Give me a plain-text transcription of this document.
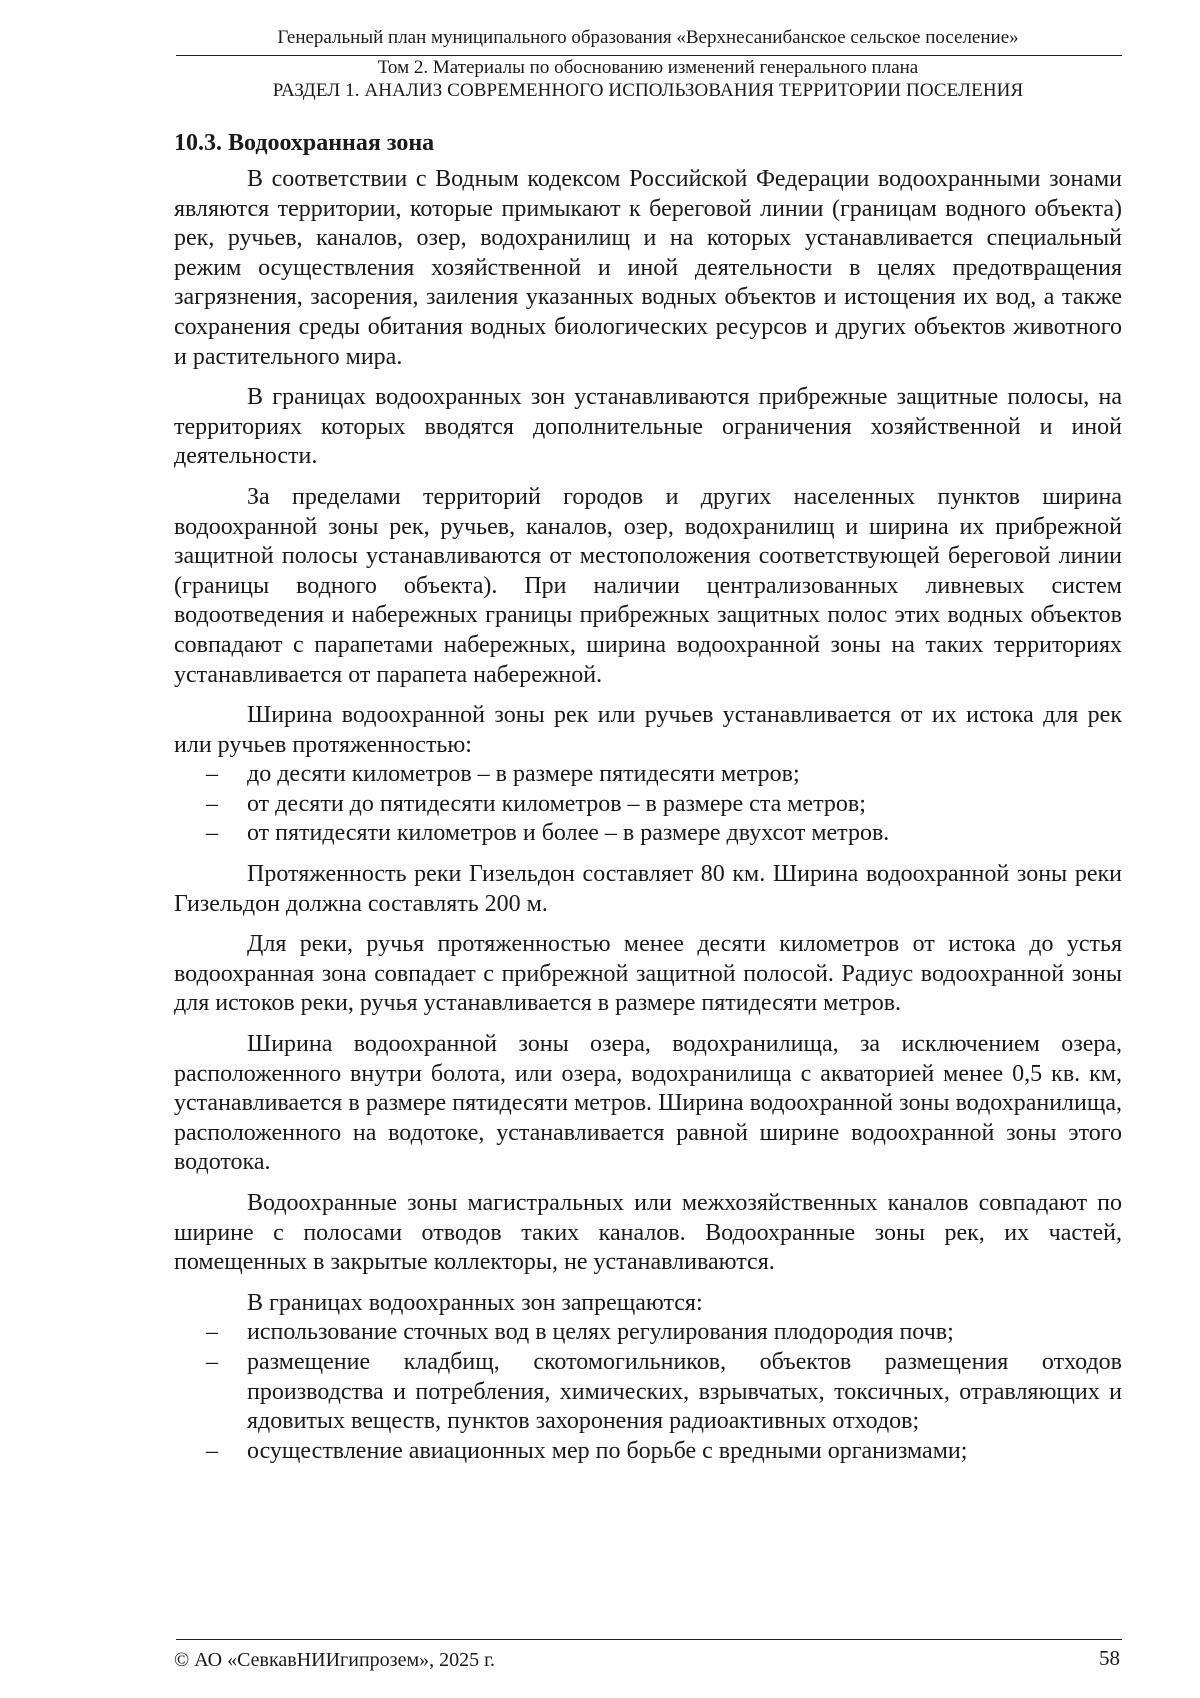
Генеральный план муниципального образования «Верхнесанибанское сельское поселение»
Том 2. Материалы по обоснованию изменений генерального плана
РАЗДЕЛ 1. АНАЛИЗ СОВРЕМЕННОГО ИСПОЛЬЗОВАНИЯ ТЕРРИТОРИИ ПОСЕЛЕНИЯ
10.3. Водоохранная зона

В соответствии с Водным кодексом Российской Федерации водоохранными зонами являются территории, которые примыкают к береговой линии (границам водного объекта) рек, ручьев, каналов, озер, водохранилищ и на которых устанавливается специальный режим осуществления хозяйственной и иной деятельности в целях предотвращения загрязнения, засорения, заиления указанных водных объектов и истощения их вод, а также сохранения среды обитания водных биологических ресурсов и других объектов животного и растительного мира.

В границах водоохранных зон устанавливаются прибрежные защитные полосы, на территориях которых вводятся дополнительные ограничения хозяйственной и иной деятельности.

За пределами территорий городов и других населенных пунктов ширина водоохранной зоны рек, ручьев, каналов, озер, водохранилищ и ширина их прибрежной защитной полосы устанавливаются от местоположения соответствующей береговой линии (границы водного объекта). При наличии централизованных ливневых систем водоотведения и набережных границы прибрежных защитных полос этих водных объектов совпадают с парапетами набережных, ширина водоохранной зоны на таких территориях устанавливается от парапета набережной.

Ширина водоохранной зоны рек или ручьев устанавливается от их истока для рек или ручьев протяженностью:

– до десяти километров – в размере пятидесяти метров;
– от десяти до пятидесяти километров – в размере ста метров;
– от пятидесяти километров и более – в размере двухсот метров.

Протяженность реки Гизельдон составляет 80 км. Ширина водоохранной зоны реки Гизельдон должна составлять 200 м.

Для реки, ручья протяженностью менее десяти километров от истока до устья водоохранная зона совпадает с прибрежной защитной полосой. Радиус водоохранной зоны для истоков реки, ручья устанавливается в размере пятидесяти метров.

Ширина водоохранной зоны озера, водохранилища, за исключением озера, расположенного внутри болота, или озера, водохранилища с акваторией менее 0,5 кв. км, устанавливается в размере пятидесяти метров. Ширина водоохранной зоны водохранилища, расположенного на водотоке, устанавливается равной ширине водоохранной зоны этого водотока.

Водоохранные зоны магистральных или межхозяйственных каналов совпадают по ширине с полосами отводов таких каналов. Водоохранные зоны рек, их частей, помещенных в закрытые коллекторы, не устанавливаются.

В границах водоохранных зон запрещаются:

– использование сточных вод в целях регулирования плодородия почв;
– размещение кладбищ, скотомогильников, объектов размещения отходов производства и потребления, химических, взрывчатых, токсичных, отравляющих и ядовитых веществ, пунктов захоронения радиоактивных отходов;
– осуществление авиационных мер по борьбе с вредными организмами;
© АО «СевкавНИИгипрозем», 2025 г.	58
